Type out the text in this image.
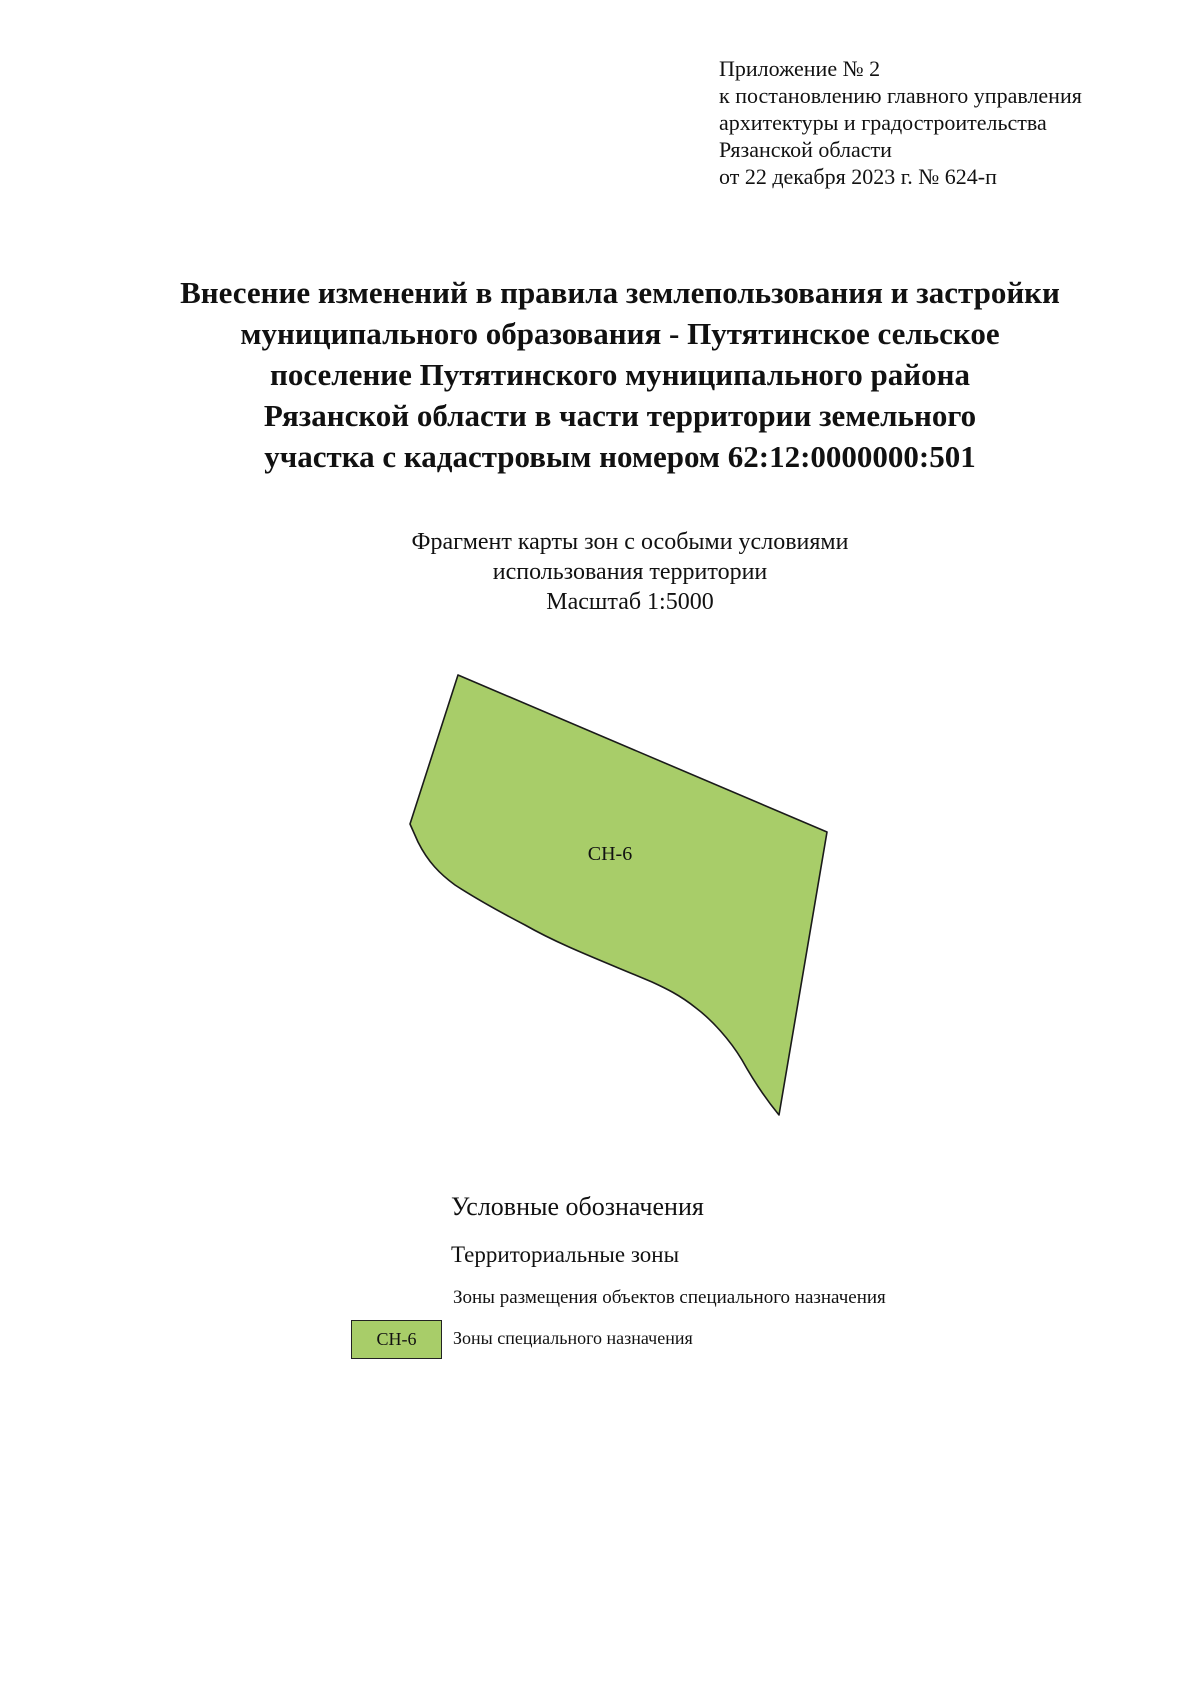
Приложение № 2
к постановлению главного управления
архитектуры и градостроительства
Рязанской области
от 22 декабря 2023 г. № 624-п
Внесение изменений в правила землепользования и застройки
муниципального образования - Путятинское сельское
поселение Путятинского муниципального района
Рязанской области в части территории земельного
участка с кадастровым номером 62:12:0000000:501
Фрагмент карты зон с особыми условиями
использования территории
Масштаб 1:5000
СН-6
Условные обозначения
Территориальные зоны
Зоны размещения объектов специального назначения
СН-6 Зоны специального назначения
